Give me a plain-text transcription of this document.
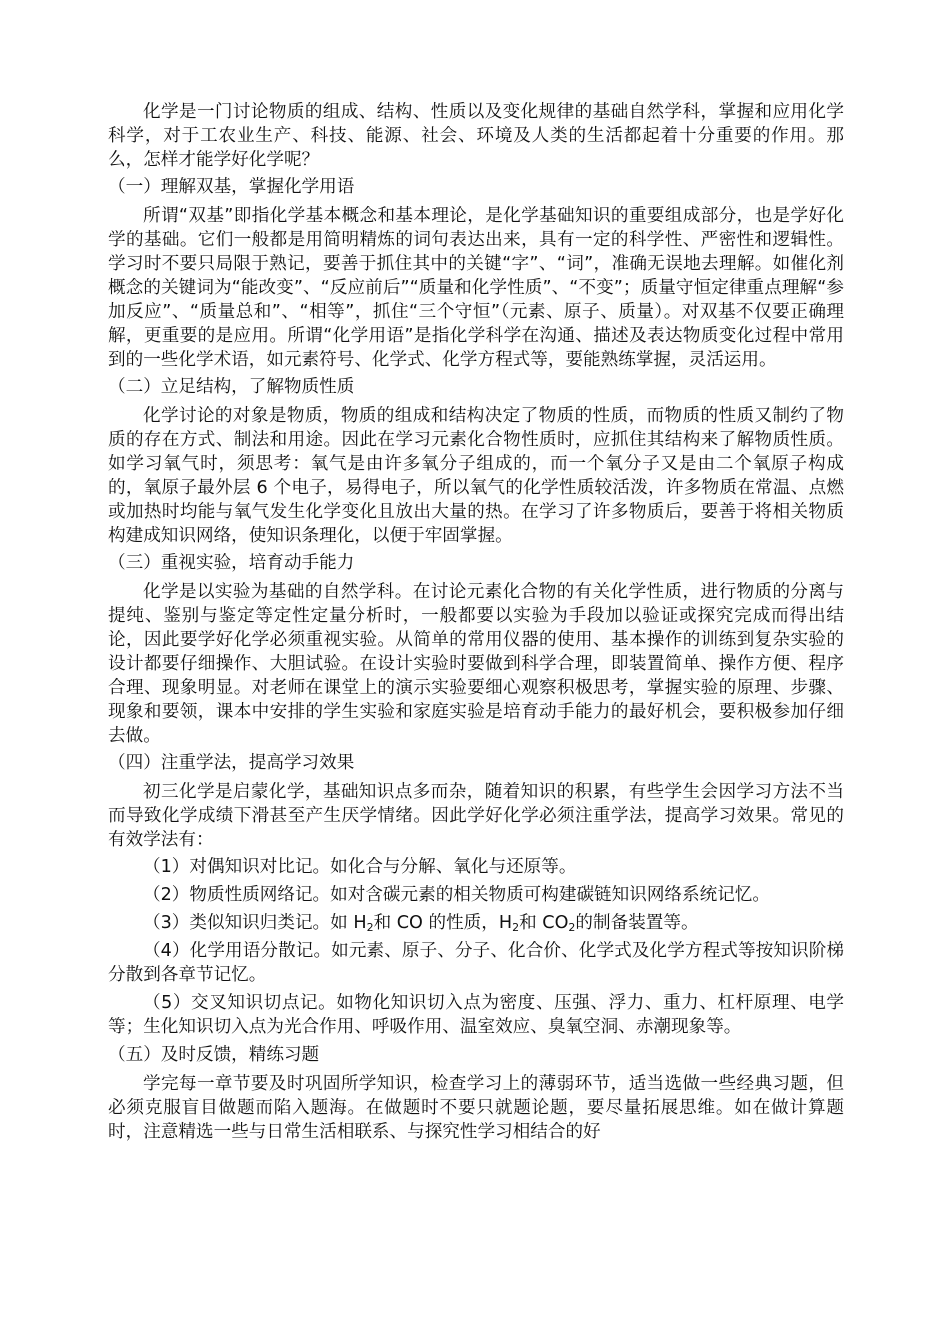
化学是一门讨论物质的组成、结构、性质以及变化规律的基础自然学科，掌握和应用化学科学，对于工农业生产、科技、能源、社会、环境及人类的生活都起着十分重要的作用。那么，怎样才能学好化学呢？

（一）理解双基，掌握化学用语

所谓“双基”即指化学基本概念和基本理论，是化学基础知识的重要组成部分，也是学好化学的基础。它们一般都是用简明精炼的词句表达出来，具有一定的科学性、严密性和逻辑性。学习时不要只局限于熟记，要善于抓住其中的关键“字”、“词”，准确无误地去理解。如催化剂概念的关键词为“能改变”、“反应前后”“质量和化学性质”、“不变”；质量守恒定律重点理解“参加反应”、“质量总和”、“相等”，抓住“三个守恒”（元素、原子、质量）。对双基不仅要正确理解，更重要的是应用。所谓“化学用语”是指化学科学在沟通、描述及表达物质变化过程中常用到的一些化学术语，如元素符号、化学式、化学方程式等，要能熟练掌握，灵活运用。

（二）立足结构，了解物质性质

化学讨论的对象是物质，物质的组成和结构决定了物质的性质，而物质的性质又制约了物质的存在方式、制法和用途。因此在学习元素化合物性质时，应抓住其结构来了解物质性质。如学习氧气时，须思考：氧气是由许多氧分子组成的，而一个氧分子又是由二个氧原子构成的，氧原子最外层 6 个电子，易得电子，所以氧气的化学性质较活泼，许多物质在常温、点燃或加热时均能与氧气发生化学变化且放出大量的热。在学习了许多物质后，要善于将相关物质构建成知识网络，使知识条理化，以便于牢固掌握。

（三）重视实验，培育动手能力

化学是以实验为基础的自然学科。在讨论元素化合物的有关化学性质，进行物质的分离与提纯、鉴别与鉴定等定性定量分析时，一般都要以实验为手段加以验证或探究完成而得出结论，因此要学好化学必须重视实验。从简单的常用仪器的使用、基本操作的训练到复杂实验的设计都要仔细操作、大胆试验。在设计实验时要做到科学合理，即装置简单、操作方便、程序合理、现象明显。对老师在课堂上的演示实验要细心观察积极思考，掌握实验的原理、步骤、现象和要领，课本中安排的学生实验和家庭实验是培育动手能力的最好机会，要积极参加仔细去做。

（四）注重学法，提高学习效果

初三化学是启蒙化学，基础知识点多而杂，随着知识的积累，有些学生会因学习方法不当而导致化学成绩下滑甚至产生厌学情绪。因此学好化学必须注重学法，提高学习效果。常见的有效学法有：

（1）对偶知识对比记。如化合与分解、氧化与还原等。

（2）物质性质网络记。如对含碳元素的相关物质可构建碳链知识网络系统记忆。

（3）类似知识归类记。如 $H_2$和 CO 的性质，$H_2$和 $CO_2$的制备装置等。

（4）化学用语分散记。如元素、原子、分子、化合价、化学式及化学方程式等按知识阶梯分散到各章节记忆。

（5）交叉知识切点记。如物化知识切入点为密度、压强、浮力、重力、杠杆原理、电学等；生化知识切入点为光合作用、呼吸作用、温室效应、臭氧空洞、赤潮现象等。

（五）及时反馈，精练习题

学完每一章节要及时巩固所学知识，检查学习上的薄弱环节，适当选做一些经典习题，但必须克服盲目做题而陷入题海。在做题时不要只就题论题，要尽量拓展思维。如在做计算题时，注意精选一些与日常生活相联系、与探究性学习相结合的好
